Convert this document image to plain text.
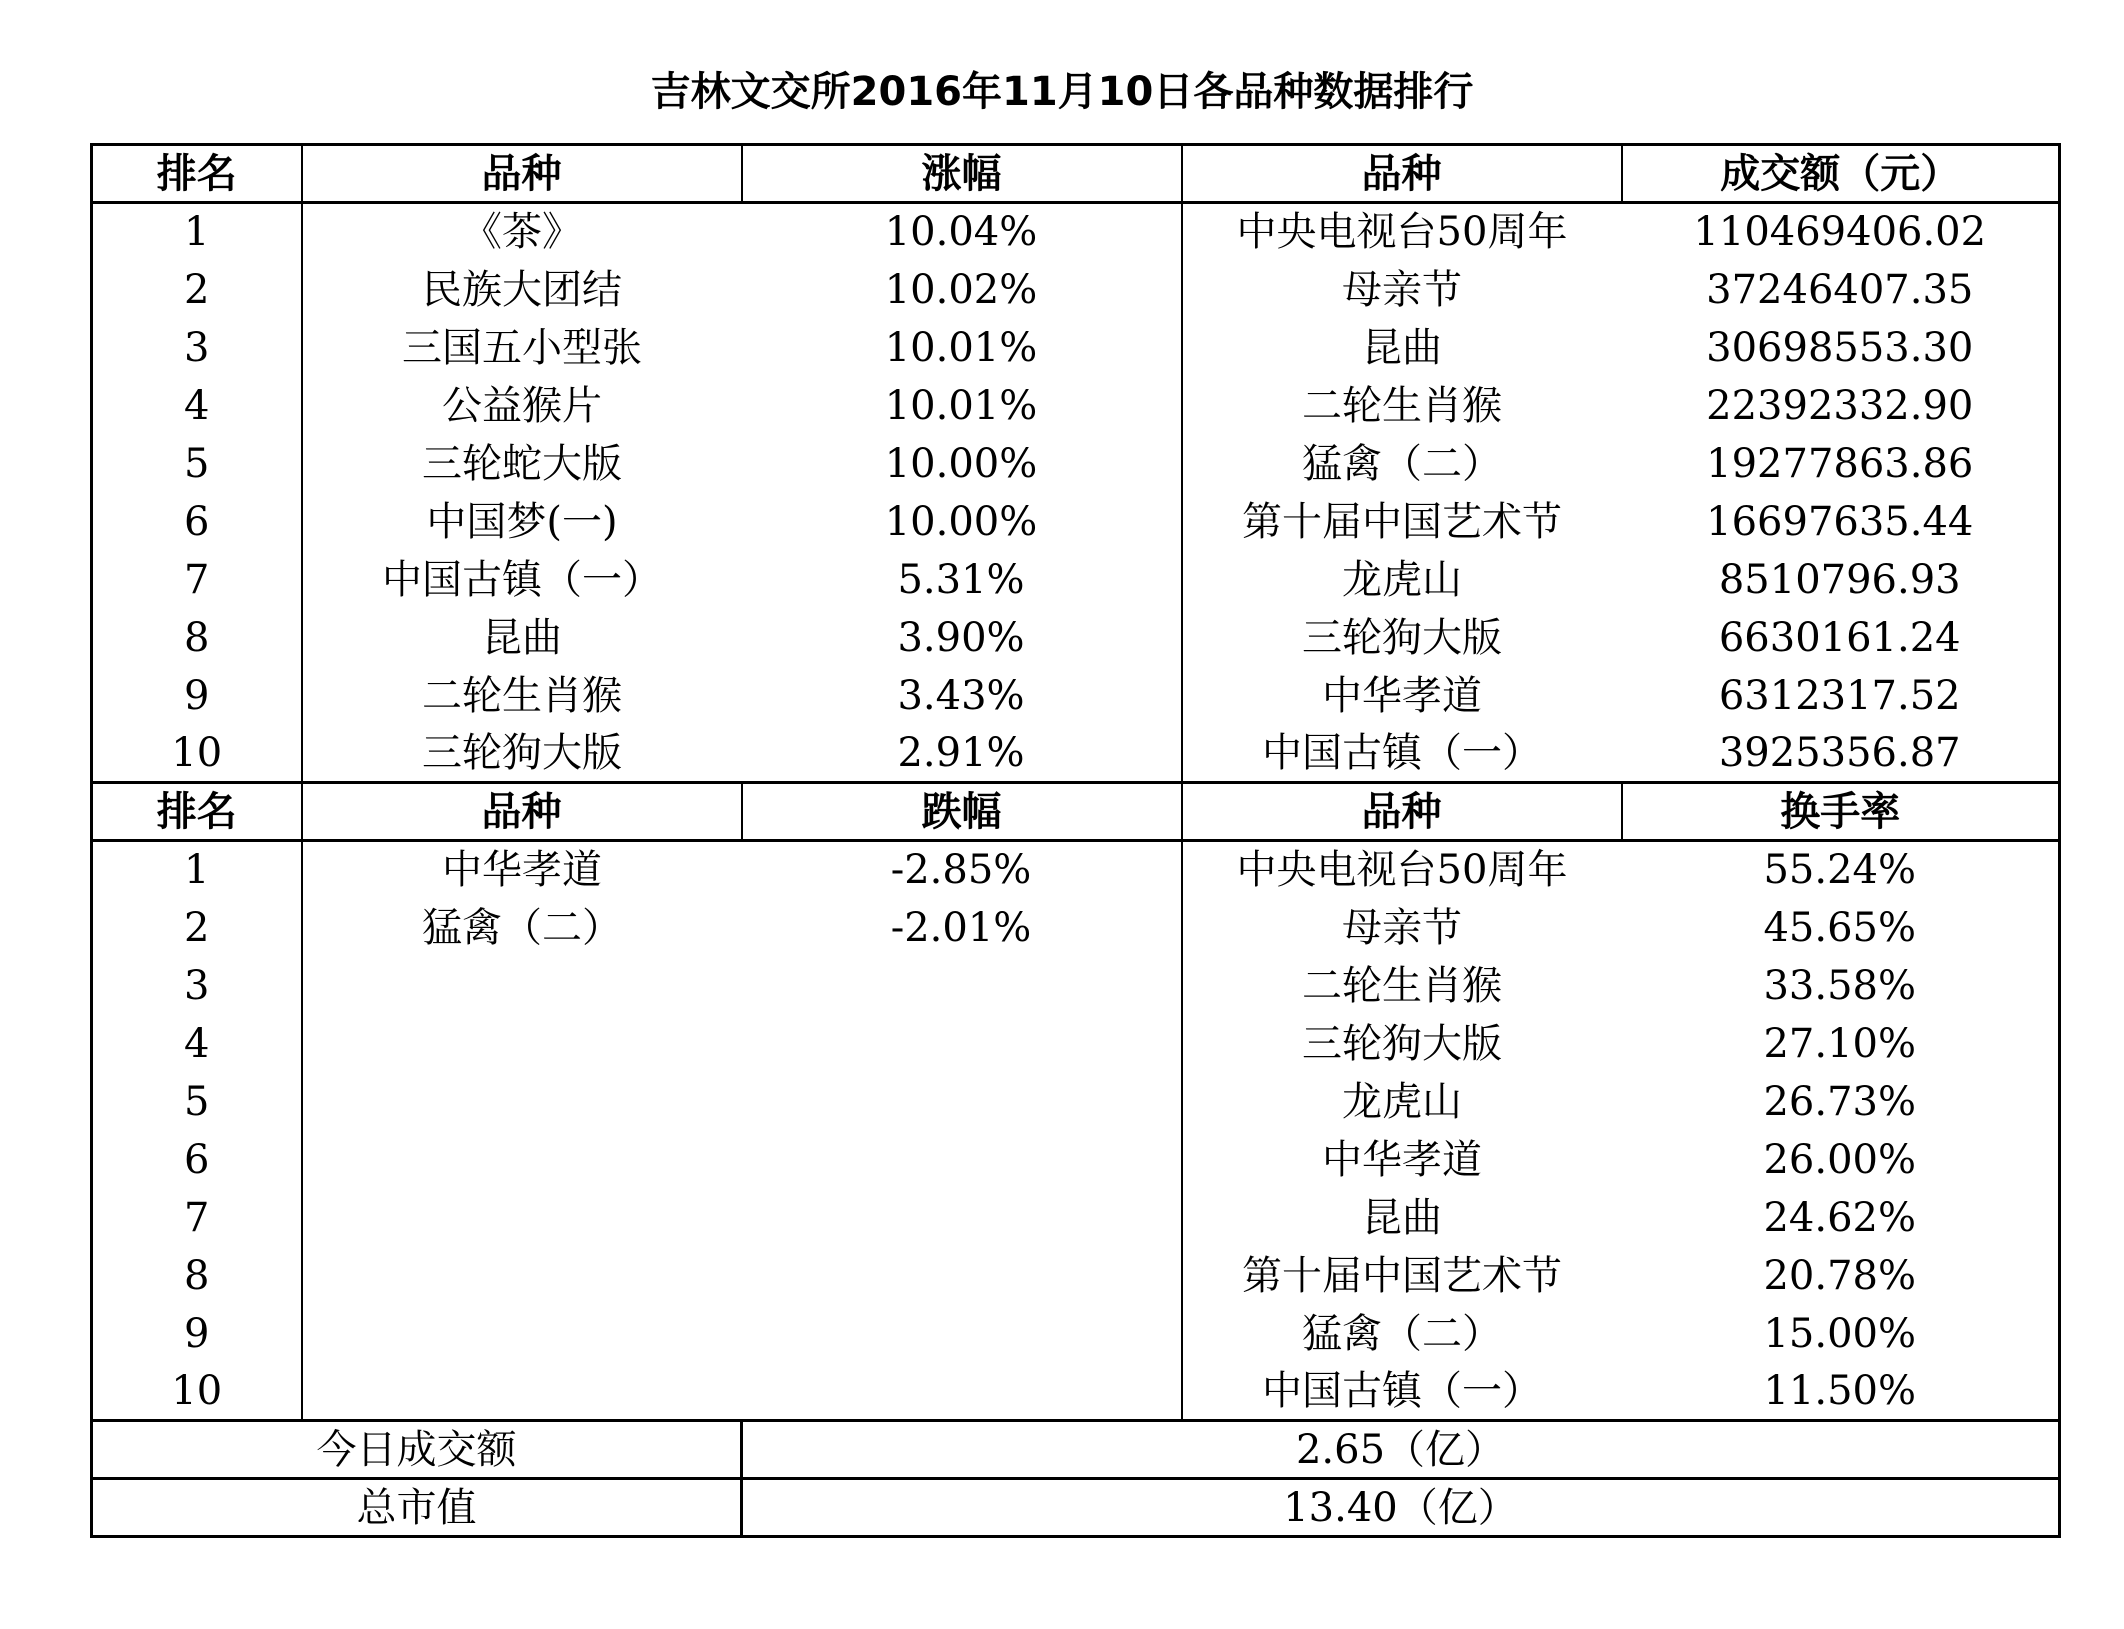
吉林文交所2016年11月10日各品种数据排行
排名	品种	涨幅	品种	成交额（元）
1	《茶》	10.04%	中央电视台50周年	110469406.02
2	民族大团结	10.02%	母亲节	37246407.35
3	三国五小型张	10.01%	昆曲	30698553.30
4	公益猴片	10.01%	二轮生肖猴	22392332.90
5	三轮蛇大版	10.00%	猛禽（二）	19277863.86
6	中国梦(一)	10.00%	第十届中国艺术节	16697635.44
7	中国古镇（一）	5.31%	龙虎山	8510796.93
8	昆曲	3.90%	三轮狗大版	6630161.24
9	二轮生肖猴	3.43%	中华孝道	6312317.52
10	三轮狗大版	2.91%	中国古镇（一）	3925356.87
排名	品种	跌幅	品种	换手率
1	中华孝道	-2.85%	中央电视台50周年	55.24%
2	猛禽（二）	-2.01%	母亲节	45.65%
3			二轮生肖猴	33.58%
4			三轮狗大版	27.10%
5			龙虎山	26.73%
6			中华孝道	26.00%
7			昆曲	24.62%
8			第十届中国艺术节	20.78%
9			猛禽（二）	15.00%
10			中国古镇（一）	11.50%
今日成交额		2.65（亿）		
总市值		13.40（亿）		
